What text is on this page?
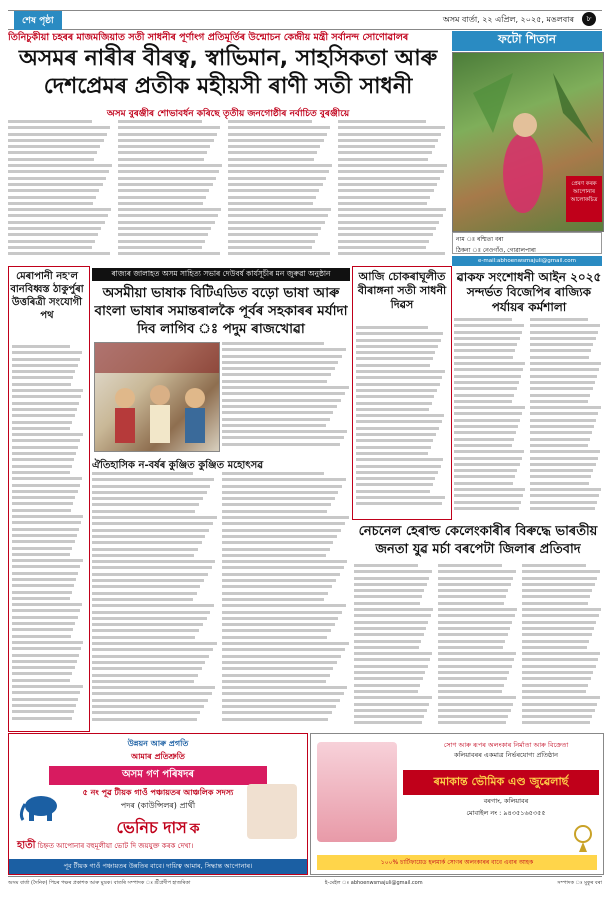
শেষ পৃষ্ঠা	অসম বাৰ্তা, ২২ এপ্ৰিল, ২০২৫, মঙলবাৰ	৮
তিনিচুকীয়া চহৰৰ মাজমজিয়াত সতী সাধনীৰ পূৰ্ণাংগ প্ৰতিমূৰ্তিৰ উন্মোচন কেন্দ্ৰীয় মন্ত্ৰী সৰ্বানন্দ সোণোৱালৰ
অসমৰ নাৰীৰ বীৰত্ব, স্বাভিমান, সাহসিকতা আৰু দেশপ্ৰেমৰ প্ৰতীক মহীয়সী ৰাণী সতী সাধনী
অসম বুৰঞ্জীৰ শোভাবৰ্ধন কৰিছে তৃতীয় জনগোষ্ঠীৰ নৰ্বাচিত বুৰঞ্জীয়ে
ফটো শিতান
নাম ঃ ৰশ্মিতা বৰা
ঠিকনা ঃ নেওগাঁও, গোৱালপাৰা
প্ৰেৰণ কৰক আপোনাৰ আলোকচিত্ৰ
e-mail:abhoenwsmajuli@gmail.com
মেৰাপানী নহ'ল বানবিধ্বস্ত ঠাকুৰ্পুৰা উত্তৰিত্ৰী সংযোগী পথ
ৰাজ্যৰ জালাহত অসম সাহিত্য সভাৰ দেউবৰ্ষ কাৰ্যসূচীৰ মন জুৰুৱা অনুষ্ঠান
অসমীয়া ভাষাক বিটিএডিত বড়ো ভাষা আৰু বাংলা ভাষাৰ সমান্তৰালকৈ পূৰ্বৰ সহকাৰৰ মৰ্যাদা দিব লাগিব ঃ পদুম ৰাজখোৱা
ঐতিহাসিক ন-বৰ্ষৰ কুঞ্জিত কুঞ্জিত মহোৎসৱ
আজি চোকৰাঘূলীত বীৰাঙ্গনা সতী সাধনী দিৱস
ৱাকফ সংশোধনী আইন ২০২৫ সন্দৰ্ভত বিজেপিৰ ৰাজ্যিক পৰ্যায়ৰ কৰ্মশালা
নেচনেল হেৰাল্ড কেলেংকাৰীৰ বিৰুদ্ধে ভাৰতীয় জনতা যুৱ মৰ্চা বৰপেটা জিলাৰ প্ৰতিবাদ
উন্নয়ন আৰু প্ৰগতি
আমাৰ প্ৰতিশ্ৰুতি
অসম গণ পৰিষদৰ
৫ নং পূৱ টীয়ক গাওঁ পঞ্চায়তৰ আঞ্চলিক সদস্য
পদৰ (কাউন্সিলৰ) প্ৰাৰ্থী
ভেনিচ দাস ক
হাতী চিহ্নত আপোনাৰ বহুমূলীয়া ভোট দি জয়যুক্ত কৰক দেখা।
পূব টীয়ক গাওঁ পঞ্চায়তৰ উন্নতিৰ বাবে। দায়িত্ব আমাৰ, সিদ্ধান্ত আপোনাৰ।
সোণ আৰু ৰূপৰ অলংকাৰ নিৰ্মাতা আৰু বিক্ৰেতা
কলিয়াবৰৰ একমাত্ৰ নিৰ্ভৰযোগ্য প্ৰতিষ্ঠান
ৰমাকান্ত ভৌমিক এণ্ড জুৱেলাৰ্ছ
বৰগাং, কলিয়াবৰ
মোবাইল নং : ৯৪৩৫১৬৫৩৫৫
১০০% চাৰ্টিফায়েড হলমাৰ্ক সোণৰ অলংকাৰৰ বাবে এবাৰ আহক
অসম বাৰ্তা (দৈনিক) পিচৰ পক্ষৰ প্ৰকাশক আৰু মুদ্ৰক। বাতৰি সম্পাদক ঃ শ্ৰীপ্ৰদীপ হাজৰিকা	ই-মেইল ঃ abhoenwsmajuli@gmail.com	সম্পাদক ঃ মুকুৰ বৰা
